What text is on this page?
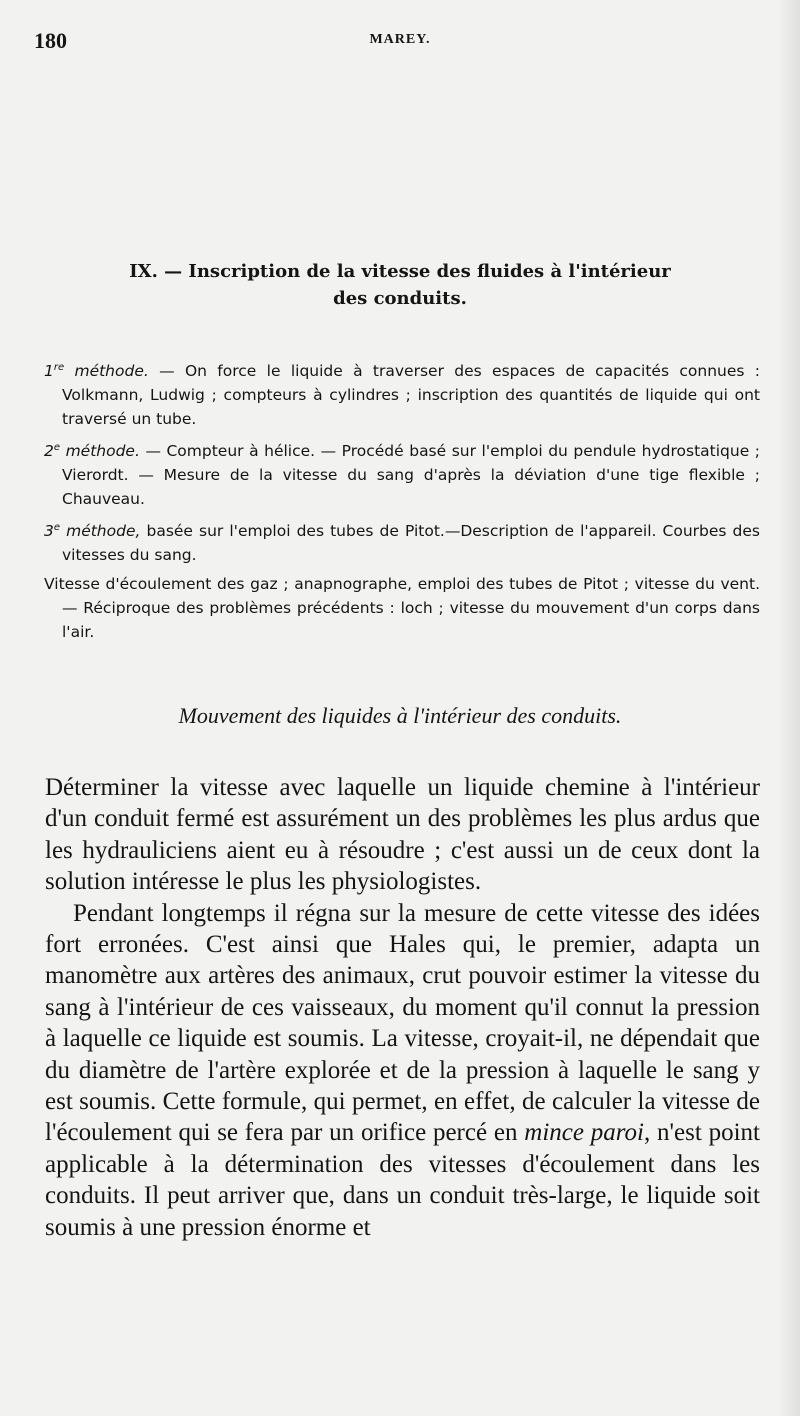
180	MAREY.
IX. — Inscription de la vitesse des fluides à l'intérieur
des conduits.

1re méthode. — On force le liquide à traverser des espaces de capacités connues : Volkmann, Ludwig ; compteurs à cylindres ; inscription des quantités de liquide qui ont traversé un tube.

2e méthode. — Compteur à hélice. — Procédé basé sur l'emploi du pendule hydrostatique ; Vierordt. — Mesure de la vitesse du sang d'après la déviation d'une tige flexible ; Chauveau.

3e méthode, basée sur l'emploi des tubes de Pitot.—Description de l'appareil. Courbes des vitesses du sang.

Vitesse d'écoulement des gaz ; anapnographe, emploi des tubes de Pitot ; vitesse du vent. — Réciproque des problèmes précédents : loch ; vitesse du mouvement d'un corps dans l'air.

Mouvement des liquides à l'intérieur des conduits.

Déterminer la vitesse avec laquelle un liquide chemine à l'intérieur d'un conduit fermé est assurément un des problèmes les plus ardus que les hydrauliciens aient eu à résoudre ; c'est aussi un de ceux dont la solution intéresse le plus les physiologistes.

Pendant longtemps il régna sur la mesure de cette vitesse des idées fort erronées. C'est ainsi que Hales qui, le premier, adapta un manomètre aux artères des animaux, crut pouvoir estimer la vitesse du sang à l'intérieur de ces vaisseaux, du moment qu'il connut la pression à laquelle ce liquide est soumis. La vitesse, croyait-il, ne dépendait que du diamètre de l'artère explorée et de la pression à laquelle le sang y est soumis. Cette formule, qui permet, en effet, de calculer la vitesse de l'écoulement qui se fera par un orifice percé en mince paroi, n'est point applicable à la détermination des vitesses d'écoulement dans les conduits. Il peut arriver que, dans un conduit très-large, le liquide soit soumis à une pression énorme et
